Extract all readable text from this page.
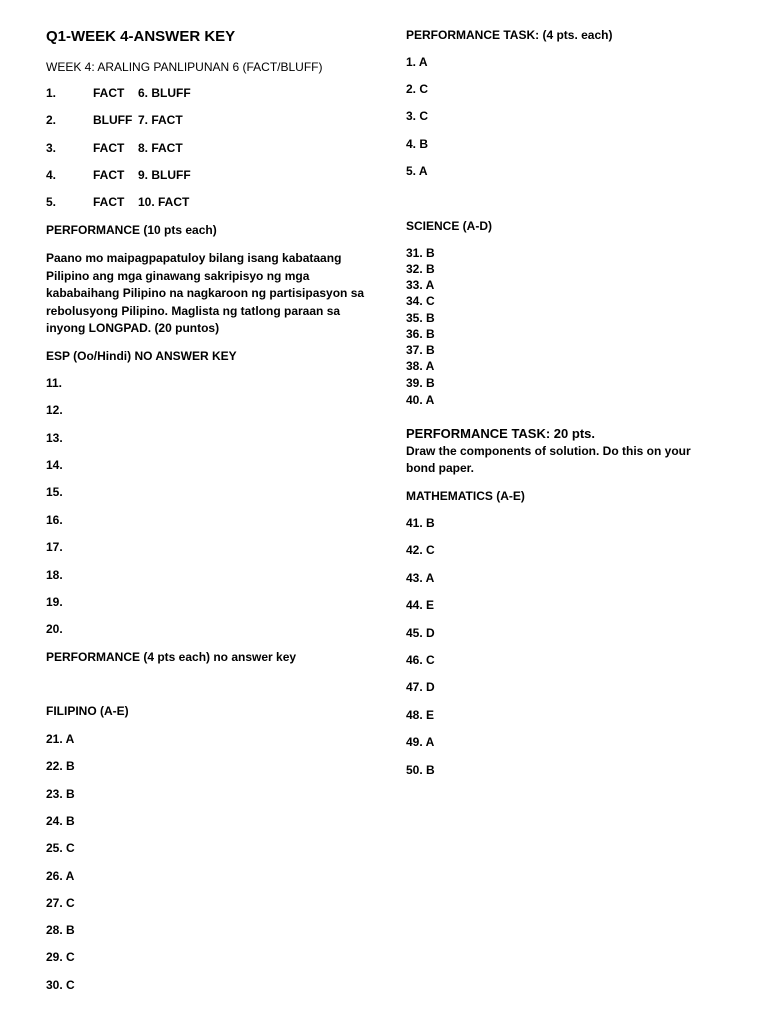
Q1-WEEK 4-ANSWER KEY
WEEK 4: ARALING PANLIPUNAN 6 (FACT/BLUFF)
1.	FACT 6. BLUFF
2.	BLUFF 7. FACT
3.	FACT 8. FACT
4.	FACT 9. BLUFF
5.	FACT 10. FACT
PERFORMANCE (10 pts each)
Paano mo maipagpapatuloy bilang isang kabataang
Pilipino ang mga ginawang sakripisyo ng mga
kababaihang Pilipino na nagkaroon ng partisipasyon sa
rebolusyong Pilipino. Maglista ng tatlong paraan sa
inyong LONGPAD. (20 puntos)
ESP (Oo/Hindi) NO ANSWER KEY
11.
12.
13.
14.
15.
16.
17.
18.
19.
20.
PERFORMANCE (4 pts each) no answer key
FILIPINO (A-E)
21. A
22. B
23. B
24. B
25. C
26. A
27. C
28. B
29. C
30. C
PERFORMANCE TASK: (4 pts. each)
1. A
2. C
3. C
4. B
5. A
SCIENCE (A-D)
31. B
32. B
33. A
34. C
35. B
36. B
37. B
38. A
39. B
40. A
PERFORMANCE TASK: 20 pts.
Draw the components of solution. Do this on your
bond paper.
MATHEMATICS (A-E)
41. B
42. C
43. A
44. E
45. D
46. C
47. D
48. E
49. A
50. B
